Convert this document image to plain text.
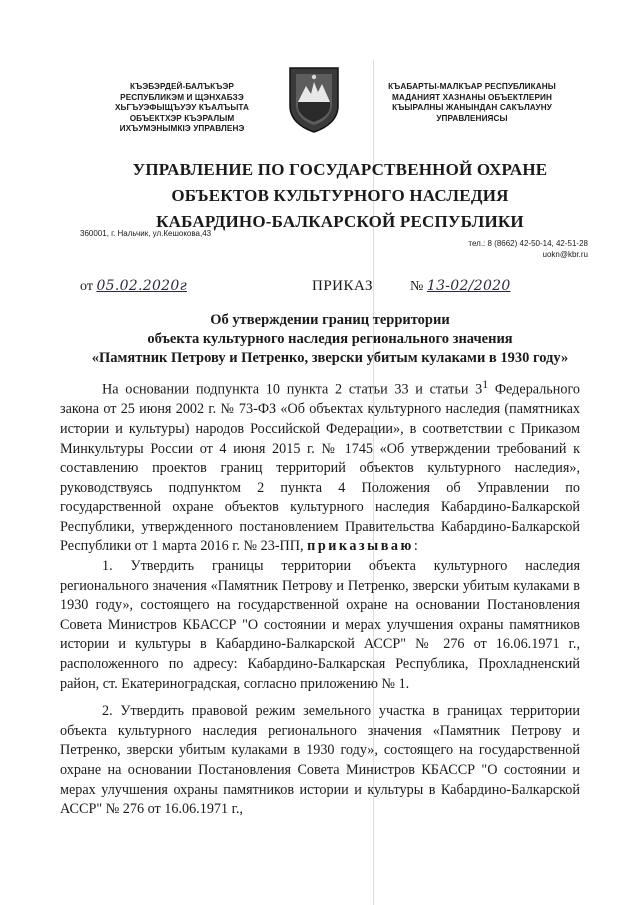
КЪЭБЭРДЕЙ-БАЛЪКЪЭР
РЕСПУБЛИКЭМ И ЩЭНХАБЗЭ
ХЬГЪУЭФЫЩЪУЭУ КЪАЛЪЫТА
ОБЪЕКТХЭР КЪЭРАЛЫМ
ИХЪУМЭНЫМКIЭ УПРАВЛЕНЭ
КЪАБАРТЫ-МАЛКЪАР РЕСПУБЛИКАНЫ
МАДАНИЯТ ХАЗНАНЫ ОБЪЕКТЛЕРИН
КЪЫРАЛНЫ ЖАНЫНДАН САКЪЛАУНУ
УПРАВЛЕНИЯСЫ
УПРАВЛЕНИЕ ПО ГОСУДАРСТВЕННОЙ ОХРАНЕ
ОБЪЕКТОВ КУЛЬТУРНОГО НАСЛЕДИЯ
КАБАРДИНО-БАЛКАРСКОЙ РЕСПУБЛИКИ
360001, г. Нальчик, ул.Кешокова,43
тел.: 8 (8662) 42-50-14, 42-51-28
uokn@kbr.ru
от 05.02.2020г	ПРИКАЗ	№ 13-02/2020
Об утверждении границ территории
объекта культурного наследия регионального значения
«Памятник Петрову и Петренко, зверски убитым кулаками в 1930 году»

На основании подпункта 10 пункта 2 статьи 33 и статьи $3^1$ Федерального закона от 25 июня 2002 г. № 73-ФЗ «Об объектах культурного наследия (памятниках истории и культуры) народов Российской Федерации», в соответствии с Приказом Минкультуры России от 4 июня 2015 г. № 1745 «Об утверждении требований к составлению проектов границ территорий объектов культурного наследия», руководствуясь подпунктом 2 пункта 4 Положения об Управлении по государственной охране объектов культурного наследия Кабардино-Балкарской Республики, утвержденного постановлением Правительства Кабардино-Балкарской Республики от 1 марта 2016 г. № 23-ПП, приказываю:

1. Утвердить границы территории объекта культурного наследия регионального значения «Памятник Петрову и Петренко, зверски убитым кулаками в 1930 году», состоящего на государственной охране на основании Постановления Совета Министров КБАССР "О состоянии и мерах улучшения охраны памятников истории и культуры в Кабардино-Балкарской АССР" № 276 от 16.06.1971 г., расположенного по адресу: Кабардино-Балкарская Республика, Прохладненский район, ст. Екатериноградская, согласно приложению № 1.

2. Утвердить правовой режим земельного участка в границах территории объекта культурного наследия регионального значения «Памятник Петрову и Петренко, зверски убитым кулаками в 1930 году», состоящего на государственной охране на основании Постановления Совета Министров КБАССР "О состоянии и мерах улучшения охраны памятников истории и культуры в Кабардино-Балкарской АССР" № 276 от 16.06.1971 г.,
